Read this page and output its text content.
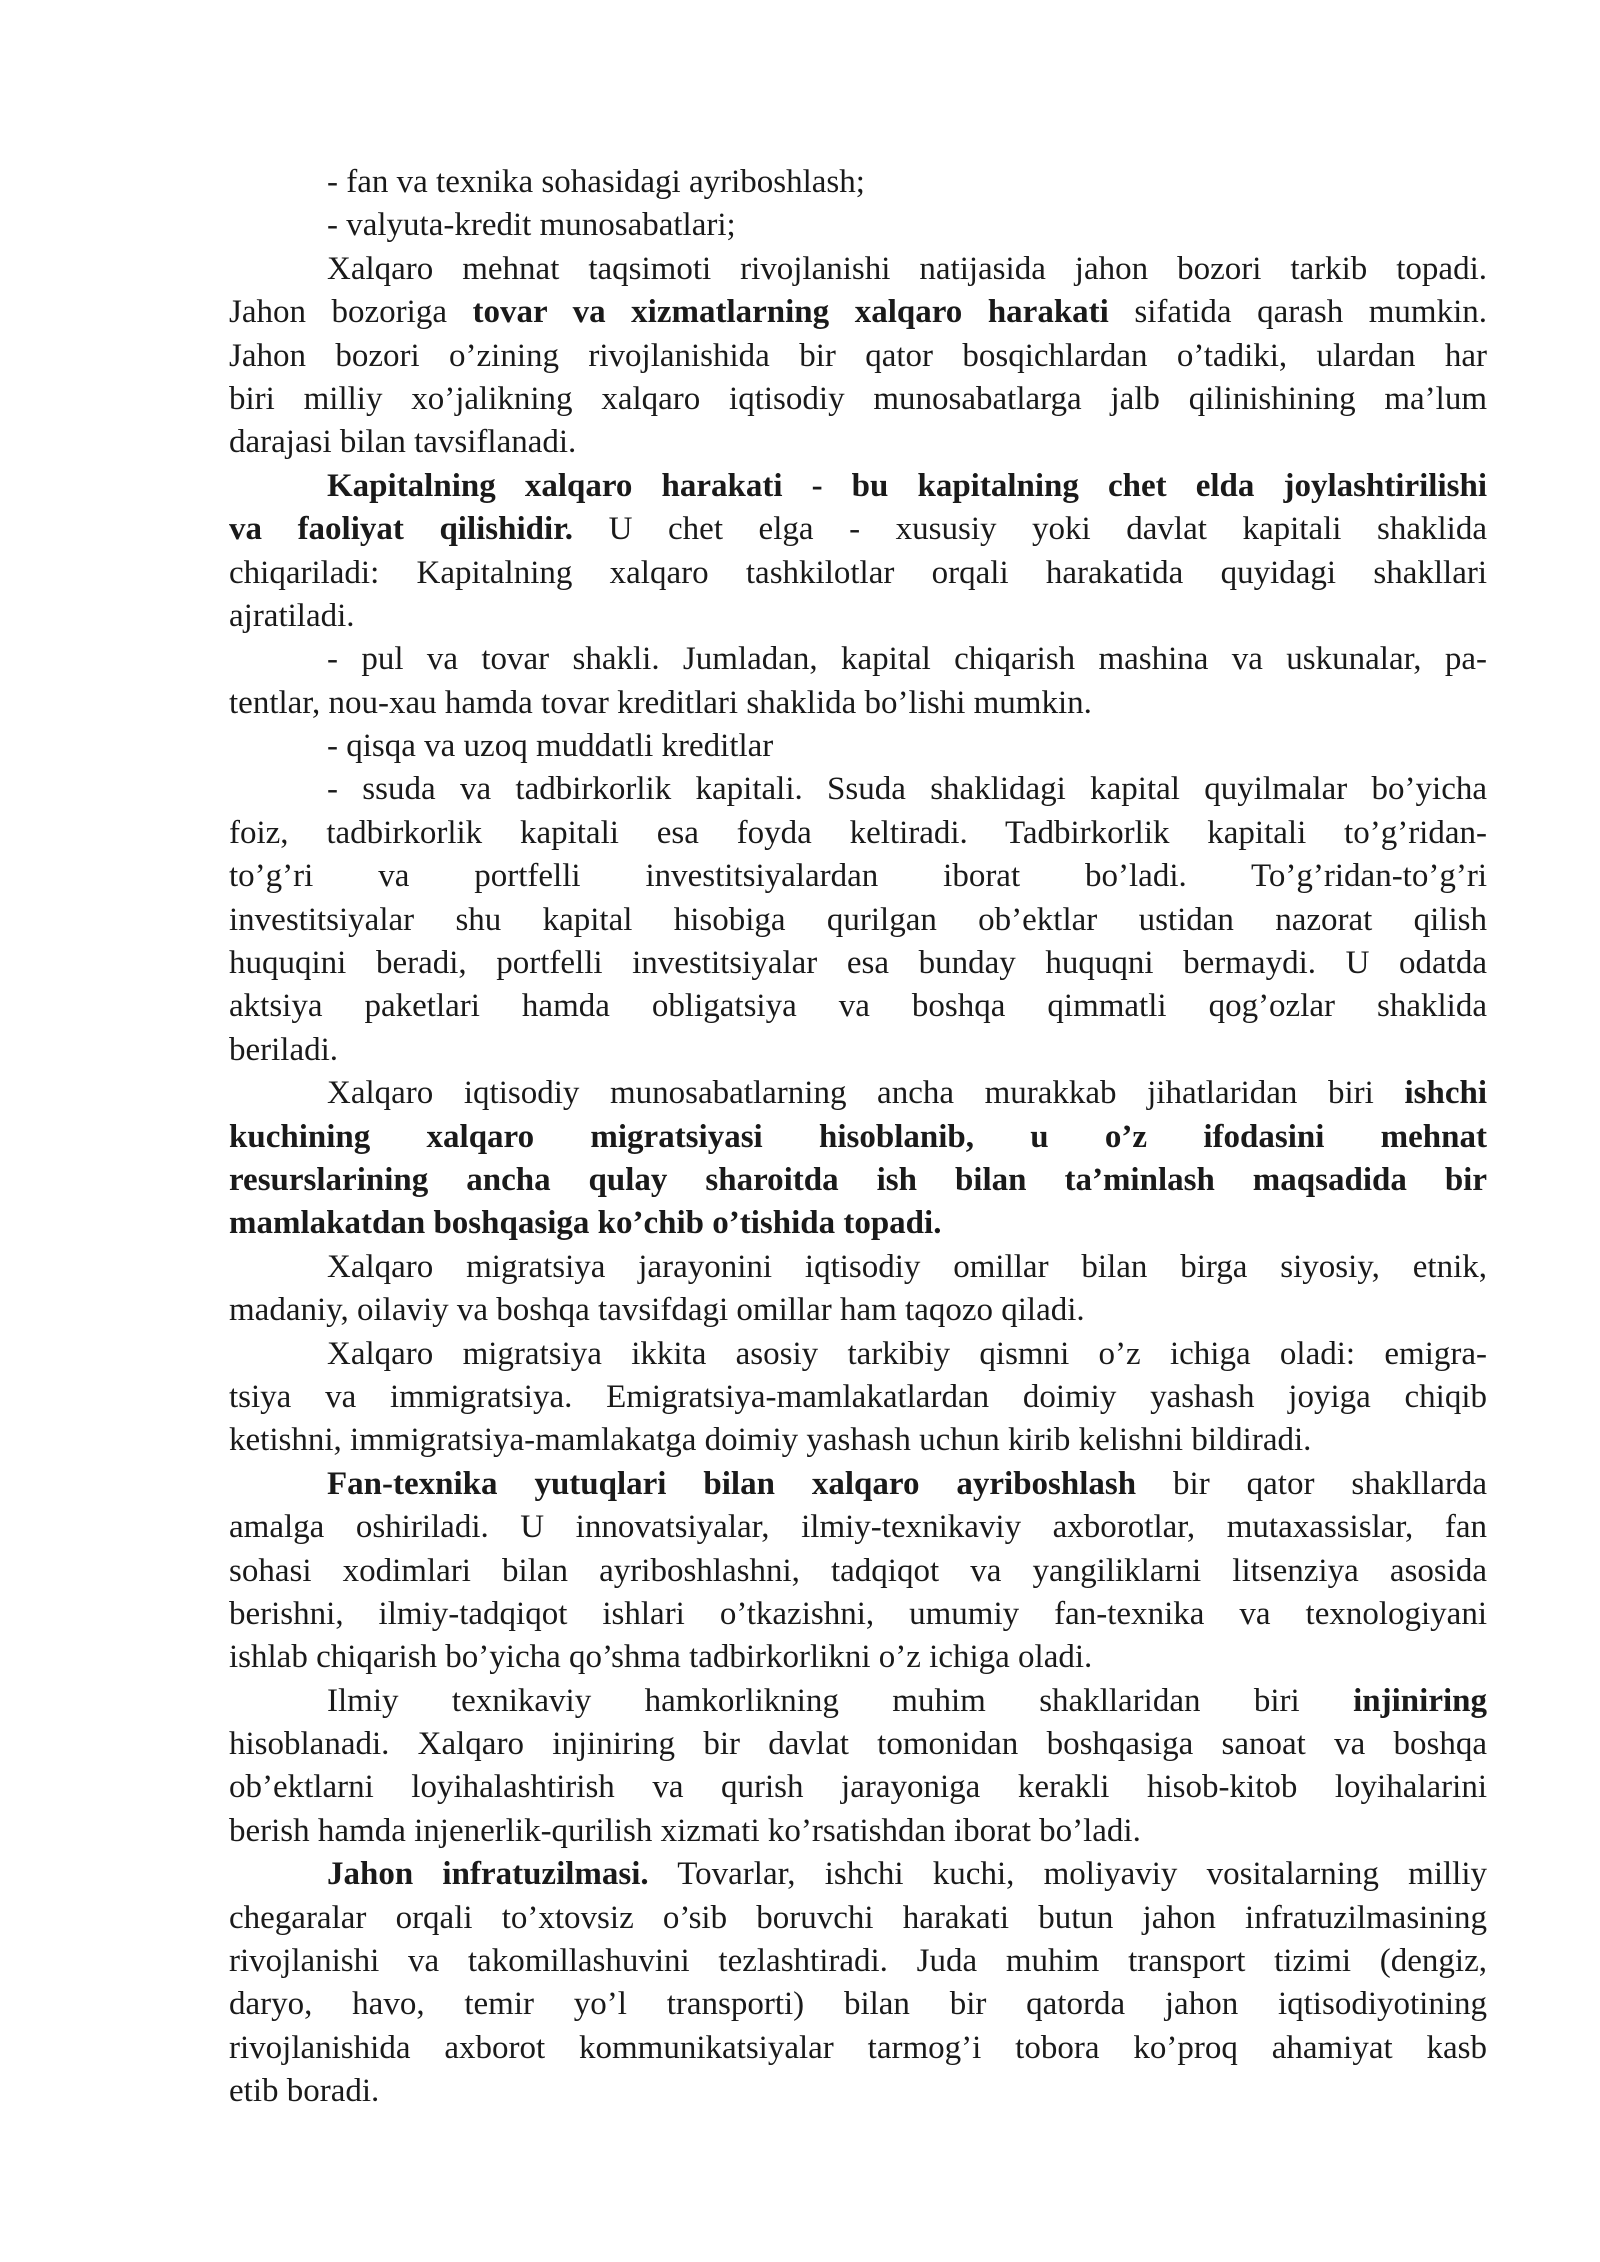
- fan va texnika sohasidagi ayriboshlash;
- valyuta-kredit munosabatlari;
Xalqaro mehnat taqsimoti rivojlanishi natijasida jahon bozori tarkib topadi.
Jahon bozoriga tovar va xizmatlarning xalqaro harakati sifatida qarash mumkin.
Jahon bozori o’zining rivojlanishida bir qator bosqichlardan o’tadiki, ulardan har
biri milliy xo’jalikning xalqaro iqtisodiy munosabatlarga jalb qilinishining ma’lum
darajasi bilan tavsiflanadi.
Kapitalning xalqaro harakati - bu kapitalning chet elda joylashtirilishi
va faoliyat qilishidir. U chet elga - xususiy yoki davlat kapitali shaklida
chiqariladi: Kapitalning xalqaro tashkilotlar orqali harakatida quyidagi shakllari
ajratiladi.
- pul va tovar shakli. Jumladan, kapital chiqarish mashina va uskunalar, pa-
tentlar, nou-xau hamda tovar kreditlari shaklida bo’lishi mumkin.
- qisqa va uzoq muddatli kreditlar
- ssuda va tadbirkorlik kapitali. Ssuda shaklidagi kapital quyilmalar bo’yicha
foiz, tadbirkorlik kapitali esa foyda keltiradi. Tadbirkorlik kapitali to’g’ridan-
to’g’ri va portfelli investitsiyalardan iborat bo’ladi. To’g’ridan-to’g’ri
investitsiyalar shu kapital hisobiga qurilgan ob’ektlar ustidan nazorat qilish
huquqini beradi, portfelli investitsiyalar esa bunday huquqni bermaydi. U odatda
aktsiya paketlari hamda obligatsiya va boshqa qimmatli qog’ozlar shaklida
beriladi.
Xalqaro iqtisodiy munosabatlarning ancha murakkab jihatlaridan biri ishchi
kuchining xalqaro migratsiyasi hisoblanib, u o’z ifodasini mehnat
resurslarining ancha qulay sharoitda ish bilan ta’minlash maqsadida bir
mamlakatdan boshqasiga ko’chib o’tishida topadi.
Xalqaro migratsiya jarayonini iqtisodiy omillar bilan birga siyosiy, etnik,
madaniy, oilaviy va boshqa tavsifdagi omillar ham taqozo qiladi.
Xalqaro migratsiya ikkita asosiy tarkibiy qismni o’z ichiga oladi: emigra-
tsiya va immigratsiya. Emigratsiya-mamlakatlardan doimiy yashash joyiga chiqib
ketishni, immigratsiya-mamlakatga doimiy yashash uchun kirib kelishni bildiradi.
Fan-texnika yutuqlari bilan xalqaro ayriboshlash bir qator shakllarda
amalga oshiriladi. U innovatsiyalar, ilmiy-texnikaviy axborotlar, mutaxassislar, fan
sohasi xodimlari bilan ayriboshlashni, tadqiqot va yangiliklarni litsenziya asosida
berishni, ilmiy-tadqiqot ishlari o’tkazishni, umumiy fan-texnika va texnologiyani
ishlab chiqarish bo’yicha qo’shma tadbirkorlikni o’z ichiga oladi.
Ilmiy texnikaviy hamkorlikning muhim shakllaridan biri injiniring
hisoblanadi. Xalqaro injiniring bir davlat tomonidan boshqasiga sanoat va boshqa
ob’ektlarni loyihalashtirish va qurish jarayoniga kerakli hisob-kitob loyihalarini
berish hamda injenerlik-qurilish xizmati ko’rsatishdan iborat bo’ladi.
Jahon infratuzilmasi. Tovarlar, ishchi kuchi, moliyaviy vositalarning milliy
chegaralar orqali to’xtovsiz o’sib boruvchi harakati butun jahon infratuzilmasining
rivojlanishi va takomillashuvini tezlashtiradi. Juda muhim transport tizimi (dengiz,
daryo, havo, temir yo’l transporti) bilan bir qatorda jahon iqtisodiyotining
rivojlanishida axborot kommunikatsiyalar tarmog’i tobora ko’proq ahamiyat kasb
etib boradi.
